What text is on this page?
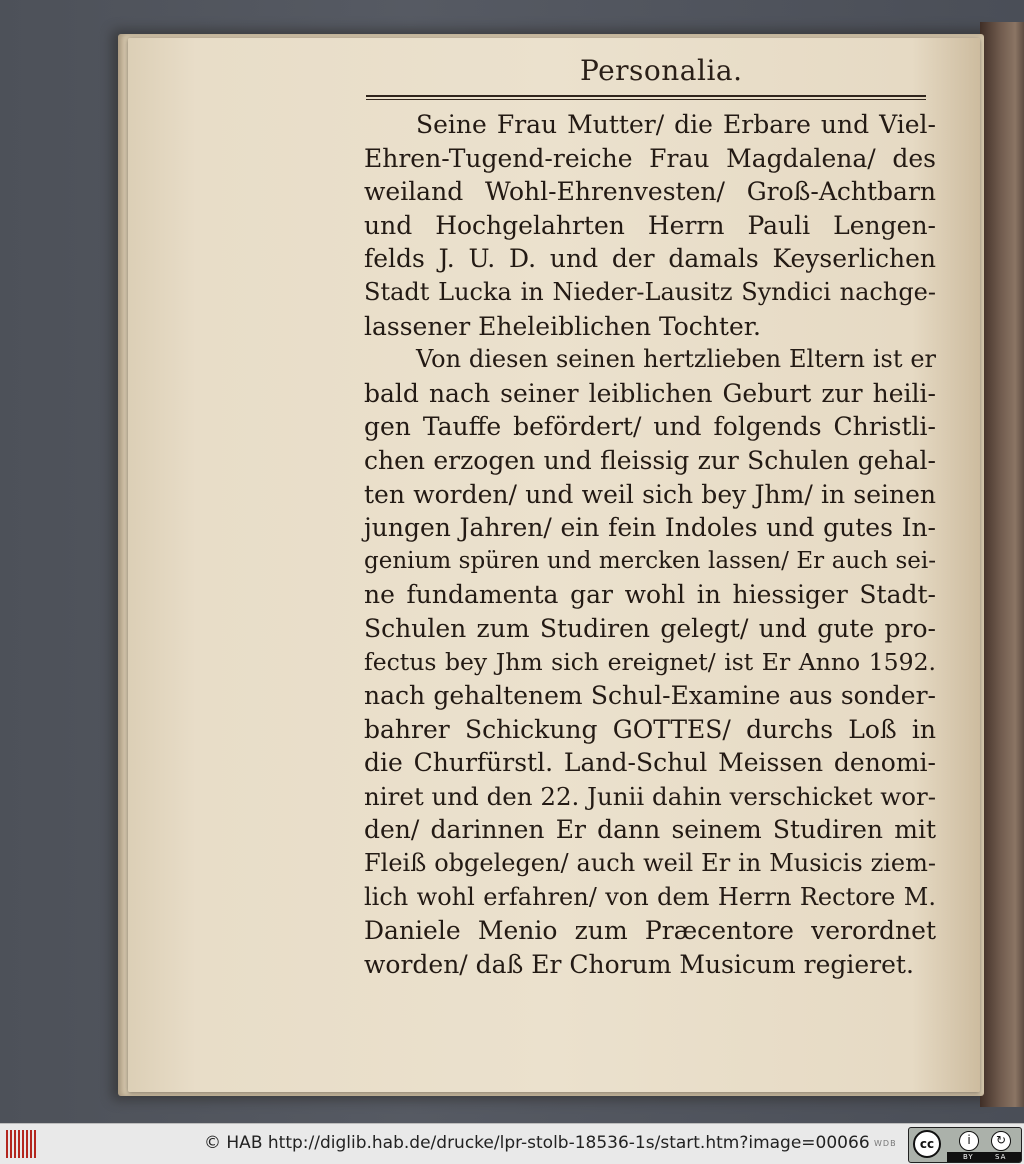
Personalia.
Seine Frau Mutter/ die Erbare und Viel-
Ehren-Tugend-reiche Frau Magdalena/ des
weiland Wohl-Ehrenvesten/ Groß-Achtbarn
und Hochgelahrten Herrn Pauli Lengen-
felds J. U. D. und der damals Keyserlichen
Stadt Lucka in Nieder-Lausitz Syndici nachge-
lassener Eheleiblichen Tochter.
Von diesen seinen hertzlieben Eltern ist er
bald nach seiner leiblichen Geburt zur heili-
gen Tauffe befördert/ und folgends Christli-
chen erzogen und fleissig zur Schulen gehal-
ten worden/ und weil sich bey Jhm/ in seinen
jungen Jahren/ ein fein Indoles und gutes In-
genium spüren und mercken lassen/ Er auch sei-
ne fundamenta gar wohl in hiessiger Stadt-
Schulen zum Studiren gelegt/ und gute pro-
fectus bey Jhm sich ereignet/ ist Er Anno 1592.
nach gehaltenem Schul-Examine aus sonder-
bahrer Schickung GOTTES/ durchs Loß in
die Churfürstl. Land-Schul Meissen denomi-
niret und den 22. Junii dahin verschicket wor-
den/ darinnen Er dann seinem Studiren mit
Fleiß obgelegen/ auch weil Er in Musicis ziem-
lich wohl erfahren/ von dem Herrn Rectore M.
Daniele Menio zum Præcentore verordnet
worden/ daß Er Chorum Musicum regieret.
© HAB http://diglib.hab.de/drucke/lpr-stolb-18536-1s/start.htm?image=00066 WDB	cc	i	↻
BY	SA
